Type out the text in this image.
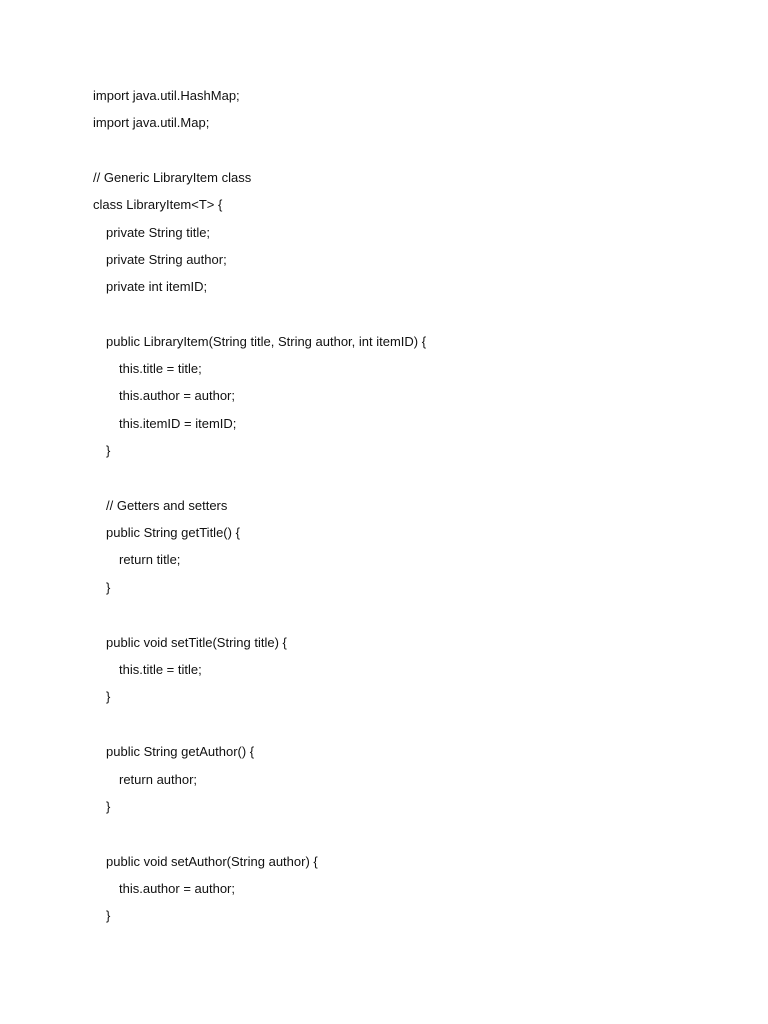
import java.util.HashMap;
import java.util.Map;
// Generic LibraryItem class
class LibraryItem<T> {
private String title;
private String author;
private int itemID;
public LibraryItem(String title, String author, int itemID) {
this.title = title;
this.author = author;
this.itemID = itemID;
}
// Getters and setters
public String getTitle() {
return title;
}
public void setTitle(String title) {
this.title = title;
}
public String getAuthor() {
return author;
}
public void setAuthor(String author) {
this.author = author;
}
